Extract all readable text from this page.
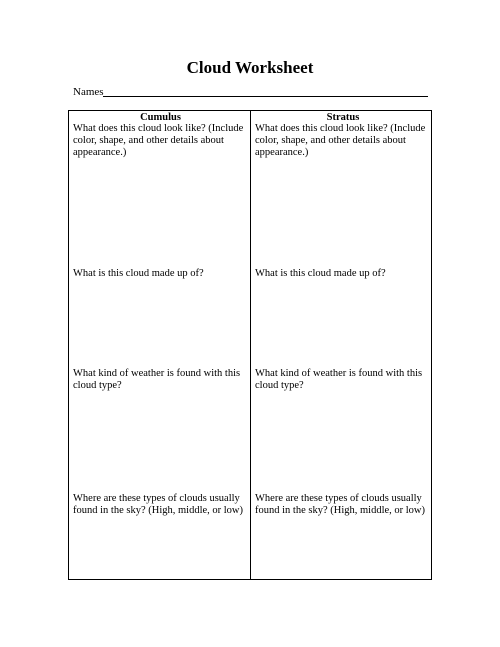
Cloud Worksheet
Names
Cumulus
What does this cloud look like? (Include color, shape, and other details about appearance.)
What is this cloud made up of?
What kind of weather is found with this cloud type?
Where are these types of clouds usually found in the sky? (High, middle, or low)
Stratus
What does this cloud look like? (Include color, shape, and other details about appearance.)
What is this cloud made up of?
What kind of weather is found with this cloud type?
Where are these types of clouds usually found in the sky? (High, middle, or low)
